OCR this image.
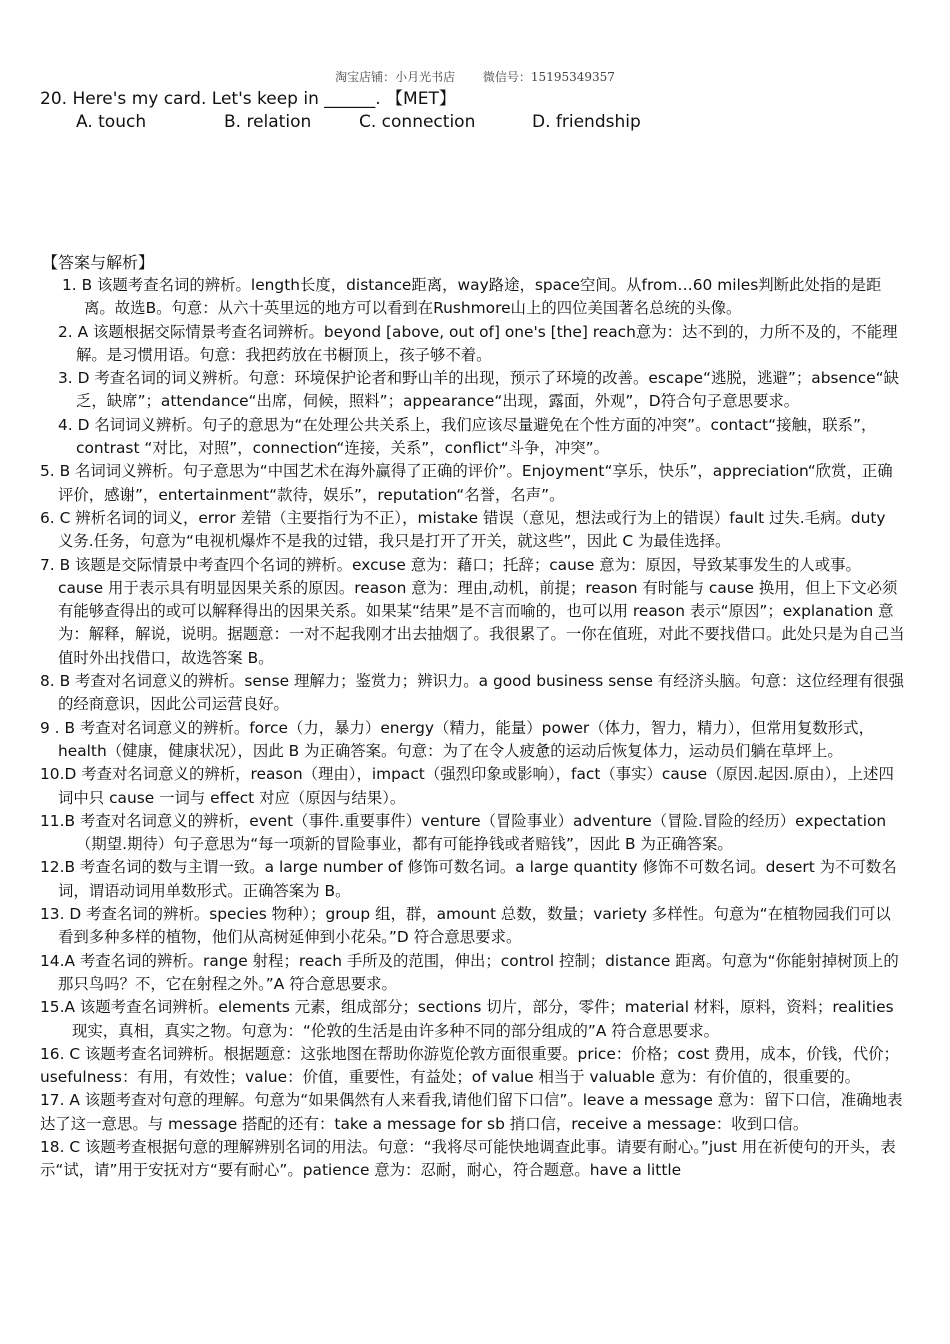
淘宝店铺：小月光书店 微信号：15195349357
20. Here's my card. Let's keep in ______. 【MET】
A. touch	B. relation	C. connection	D. friendship
【答案与解析】

1. B 该题考查名词的辨析。length长度，distance距离，way路途，space空间。从from…60 miles判断此处指的是距离。故选B。句意：从六十英里远的地方可以看到在Rushmore山上的四位美国著名总统的头像。

2. A 该题根据交际情景考查名词辨析。beyond [above, out of] one's [the] reach意为：达不到的，力所不及的，不能理解。是习惯用语。句意：我把药放在书橱顶上，孩子够不着。

3. D 考查名词的词义辨析。句意：环境保护论者和野山羊的出现，预示了环境的改善。escape“逃脱，逃避”；absence“缺乏，缺席”；attendance“出席，伺候，照料”；appearance“出现，露面，外观”，D符合句子意思要求。

4. D 名词词义辨析。句子的意思为“在处理公共关系上，我们应该尽量避免在个性方面的冲突”。contact“接触，联系”，contrast “对比，对照”，connection“连接，关系”，conflict“斗争，冲突”。

5. B 名词词义辨析。句子意思为“中国艺术在海外赢得了正确的评价”。Enjoyment“享乐，快乐”，appreciation“欣赏，正确评价，感谢”，entertainment“款待，娱乐”，reputation“名誉，名声”。

6. C 辨析名词的词义，error 差错（主要指行为不正），mistake 错误（意见，想法或行为上的错误）fault 过失.毛病。duty 义务.任务，句意为“电视机爆炸不是我的过错，我只是打开了开关，就这些”，因此 C 为最佳选择。

7. B 该题是交际情景中考查四个名词的辨析。excuse 意为：藉口；托辞；cause 意为：原因，导致某事发生的人或事。cause 用于表示具有明显因果关系的原因。reason 意为：理由,动机，前提；reason 有时能与 cause 换用，但上下文必须有能够查得出的或可以解释得出的因果关系。如果某“结果”是不言而喻的，也可以用 reason 表示“原因”；explanation 意为：解释，解说，说明。据题意：一对不起我刚才出去抽烟了。我很累了。一你在值班，对此不要找借口。此处只是为自己当值时外出找借口，故选答案 B。

8. B 考查对名词意义的辨析。sense 理解力；鉴赏力；辨识力。a good business sense 有经济头脑。句意：这位经理有很强的经商意识，因此公司运营良好。

9 . B 考查对名词意义的辨析。force（力，暴力）energy（精力，能量）power（体力，智力，精力），但常用复数形式，health（健康，健康状况），因此 B 为正确答案。句意：为了在令人疲惫的运动后恢复体力，运动员们躺在草坪上。

10.D 考查对名词意义的辨析，reason（理由），impact（强烈印象或影响），fact（事实）cause（原因.起因.原由），上述四词中只 cause 一词与 effect 对应（原因与结果）。

11.B 考查对名词意义的辨析，event（事件.重要事件）venture（冒险事业）adventure（冒险.冒险的经历）expectation（期望.期待）句子意思为“每一项新的冒险事业，都有可能挣钱或者赔钱”，因此 B 为正确答案。

12.B 考查名词的数与主谓一致。a large number of 修饰可数名词。a large quantity 修饰不可数名词。desert 为不可数名词，谓语动词用单数形式。正确答案为 B。

13. D 考查名词的辨析。species 物种）；group 组，群，amount 总数，数量；variety 多样性。句意为“在植物园我们可以看到多种多样的植物，他们从高树延伸到小花朵。”D 符合意思要求。

14.A 考查名词的辨析。range 射程；reach 手所及的范围，伸出；control 控制；distance 距离。句意为“你能射掉树顶上的那只鸟吗？不，它在射程之外。”A 符合意思要求。

15.A 该题考查名词辨析。elements 元素，组成部分；sections 切片，部分，零件；material 材料，原料，资料；realities 现实，真相，真实之物。句意为：“伦敦的生活是由许多种不同的部分组成的”A 符合意思要求。

16. C 该题考查名词辨析。根据题意：这张地图在帮助你游览伦敦方面很重要。price：价格；cost 费用，成本，价钱，代价；usefulness：有用，有效性；value：价值，重要性，有益处；of value 相当于 valuable 意为：有价值的，很重要的。

17. A 该题考查对句意的理解。句意为“如果偶然有人来看我,请他们留下口信”。leave a message 意为：留下口信，准确地表达了这一意思。与 message 搭配的还有：take a message for sb 捎口信，receive a message：收到口信。

18. C 该题考查根据句意的理解辨别名词的用法。句意：“我将尽可能快地调查此事。请要有耐心。”just 用在祈使句的开头，表示“试，请”用于安抚对方“要有耐心”。patience 意为：忍耐，耐心，符合题意。have a little
